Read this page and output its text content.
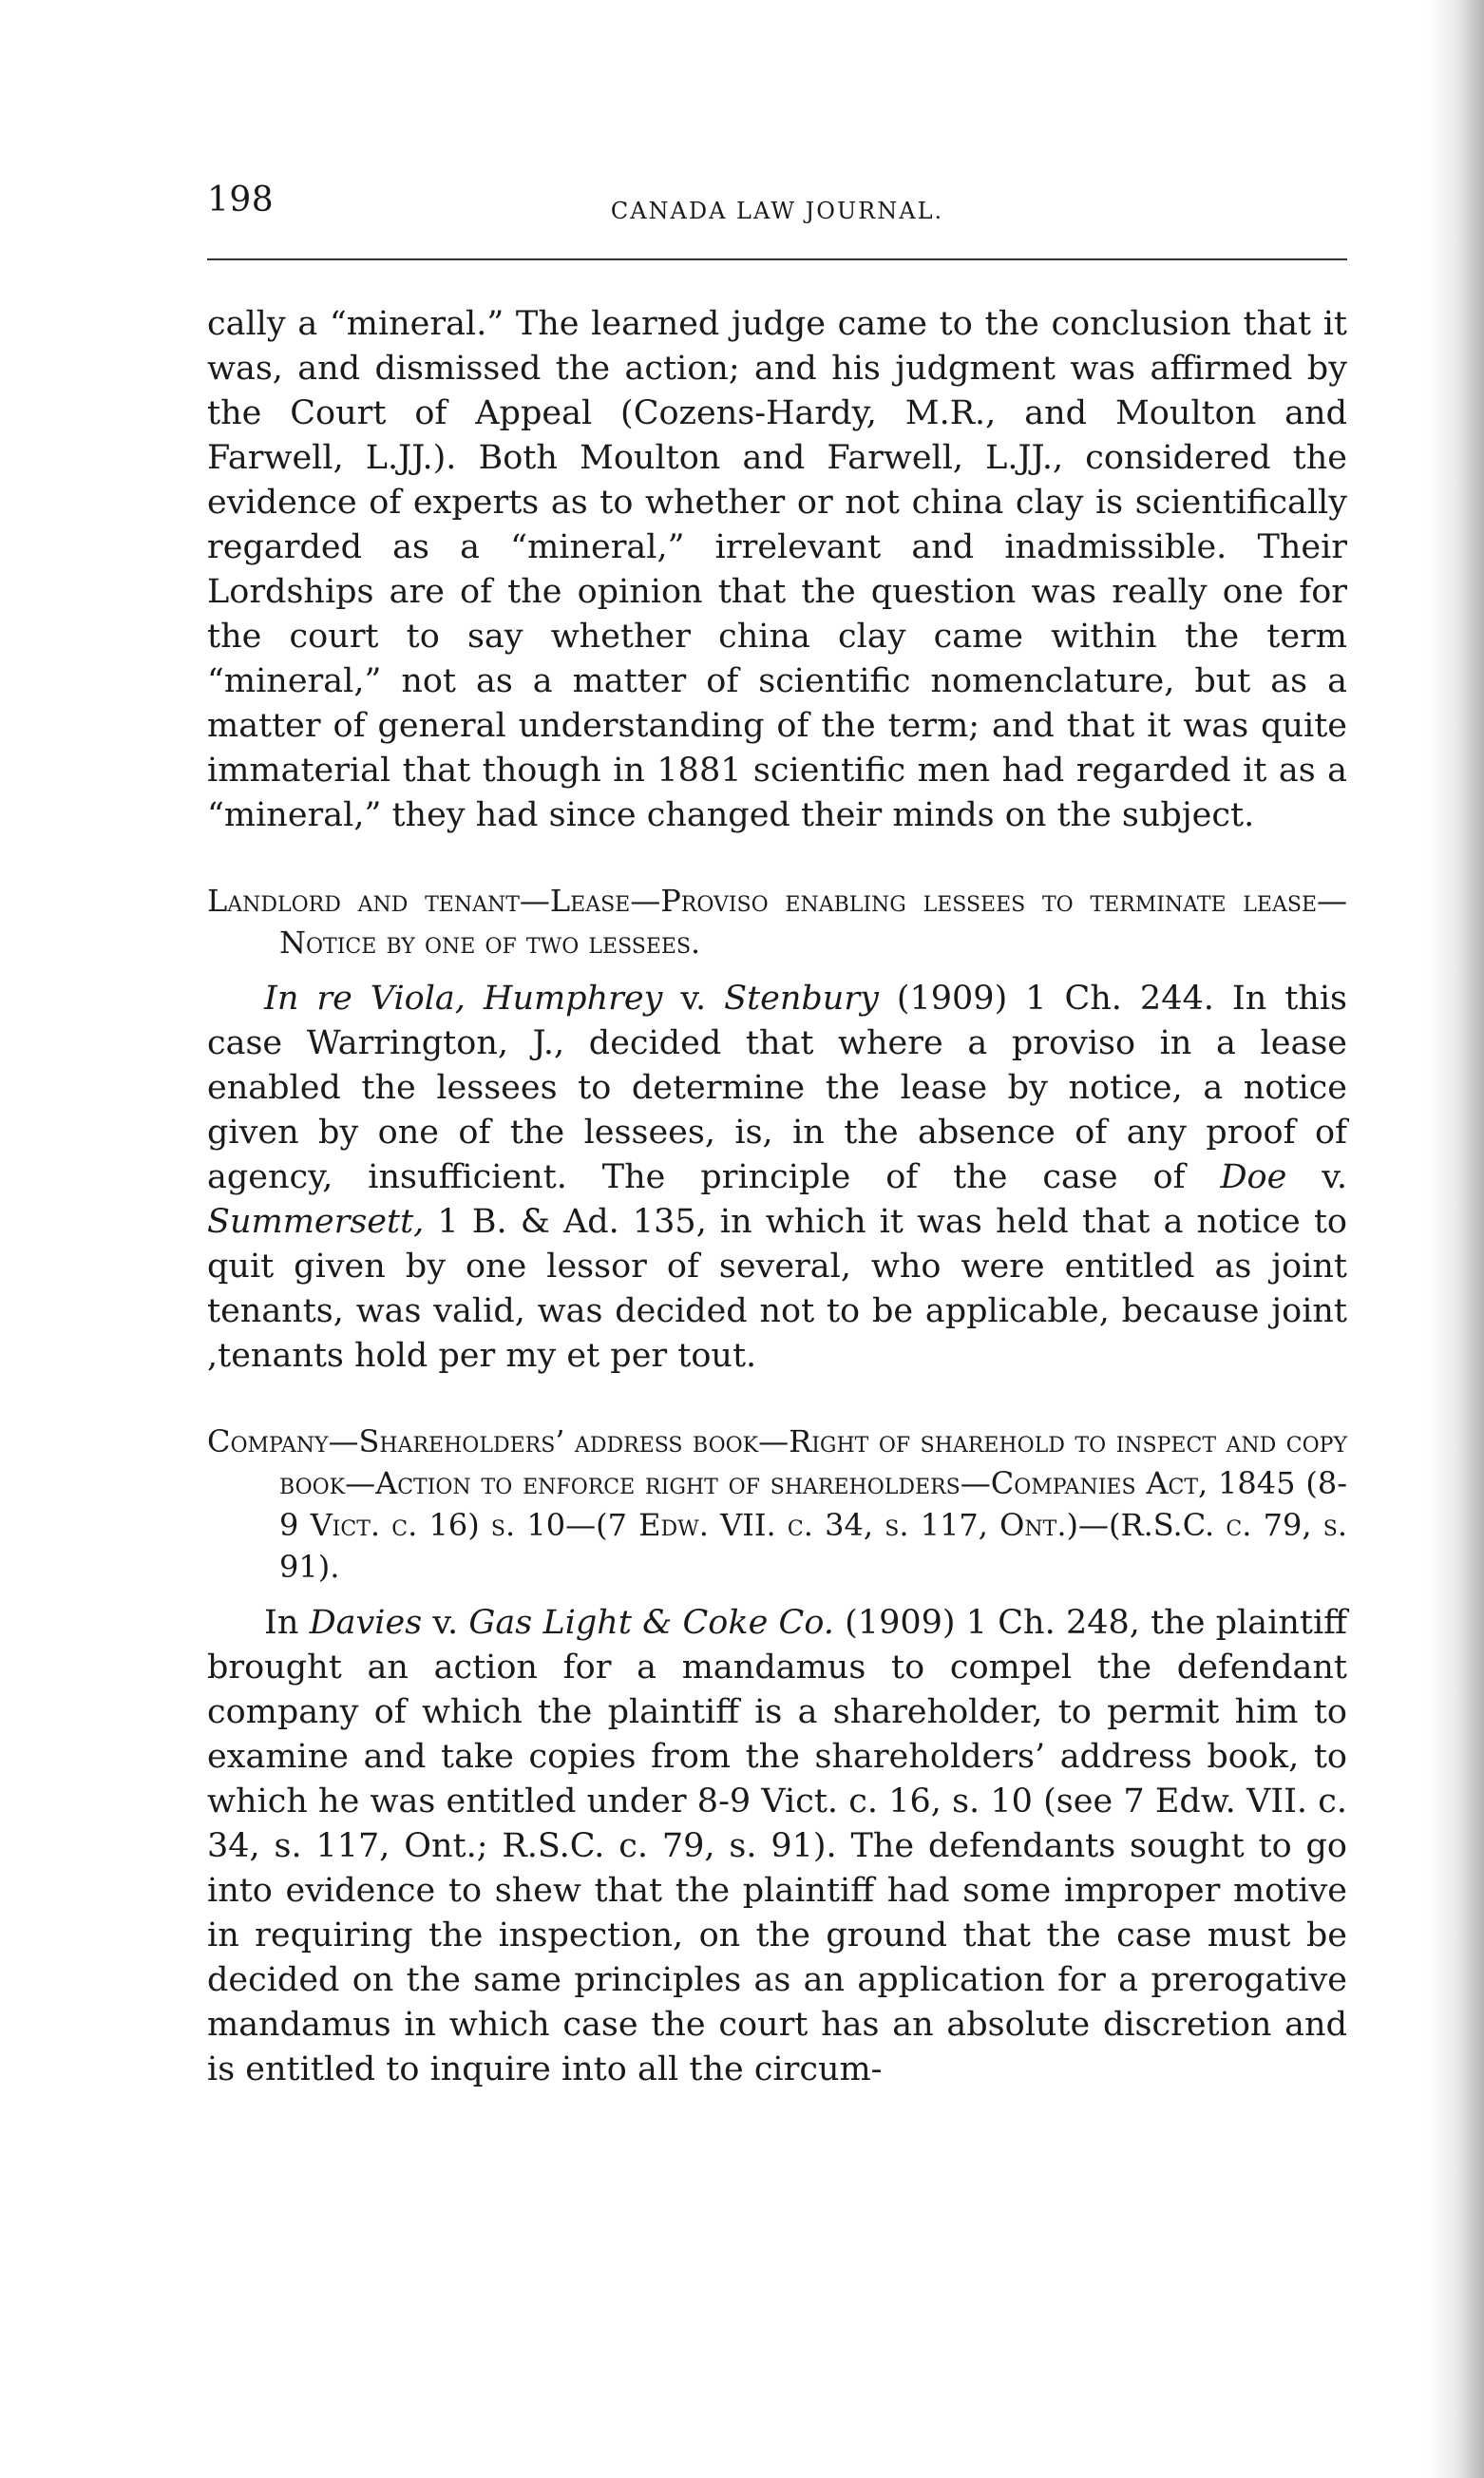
198	CANADA LAW JOURNAL.

cally a “mineral.” The learned judge came to the conclusion that it was, and dismissed the action; and his judgment was affirmed by the Court of Appeal (Cozens-Hardy, M.R., and Moulton and Farwell, L.JJ.). Both Moulton and Farwell, L.JJ., considered the evidence of experts as to whether or not china clay is scientifically regarded as a “mineral,” irrelevant and inadmissible. Their Lordships are of the opinion that the question was really one for the court to say whether china clay came within the term “mineral,” not as a matter of scientific nomenclature, but as a matter of general understanding of the term; and that it was quite immaterial that though in 1881 scientific men had regarded it as a “mineral,” they had since changed their minds on the subject.

Landlord and tenant—Lease—Proviso enabling lessees to terminate lease—Notice by one of two lessees.

In re Viola, Humphrey v. Stenbury (1909) 1 Ch. 244. In this case Warrington, J., decided that where a proviso in a lease enabled the lessees to determine the lease by notice, a notice given by one of the lessees, is, in the absence of any proof of agency, insufficient. The principle of the case of Doe v. Summersett, 1 B. & Ad. 135, in which it was held that a notice to quit given by one lessor of several, who were entitled as joint tenants, was valid, was decided not to be applicable, because joint ,tenants hold per my et per tout.

Company—Shareholders’ address book—Right of sharehold to inspect and copy book—Action to enforce right of shareholders—Companies Act, 1845 (8-9 Vict. c. 16) s. 10—(7 Edw. VII. c. 34, s. 117, Ont.)—(R.S.C. c. 79, s. 91).

In Davies v. Gas Light & Coke Co. (1909) 1 Ch. 248, the plaintiff brought an action for a mandamus to compel the defendant company of which the plaintiff is a shareholder, to permit him to examine and take copies from the shareholders’ address book, to which he was entitled under 8-9 Vict. c. 16, s. 10 (see 7 Edw. VII. c. 34, s. 117, Ont.; R.S.C. c. 79, s. 91). The defendants sought to go into evidence to shew that the plaintiff had some improper motive in requiring the inspection, on the ground that the case must be decided on the same principles as an application for a prerogative mandamus in which case the court has an absolute discretion and is entitled to inquire into all the circum-
